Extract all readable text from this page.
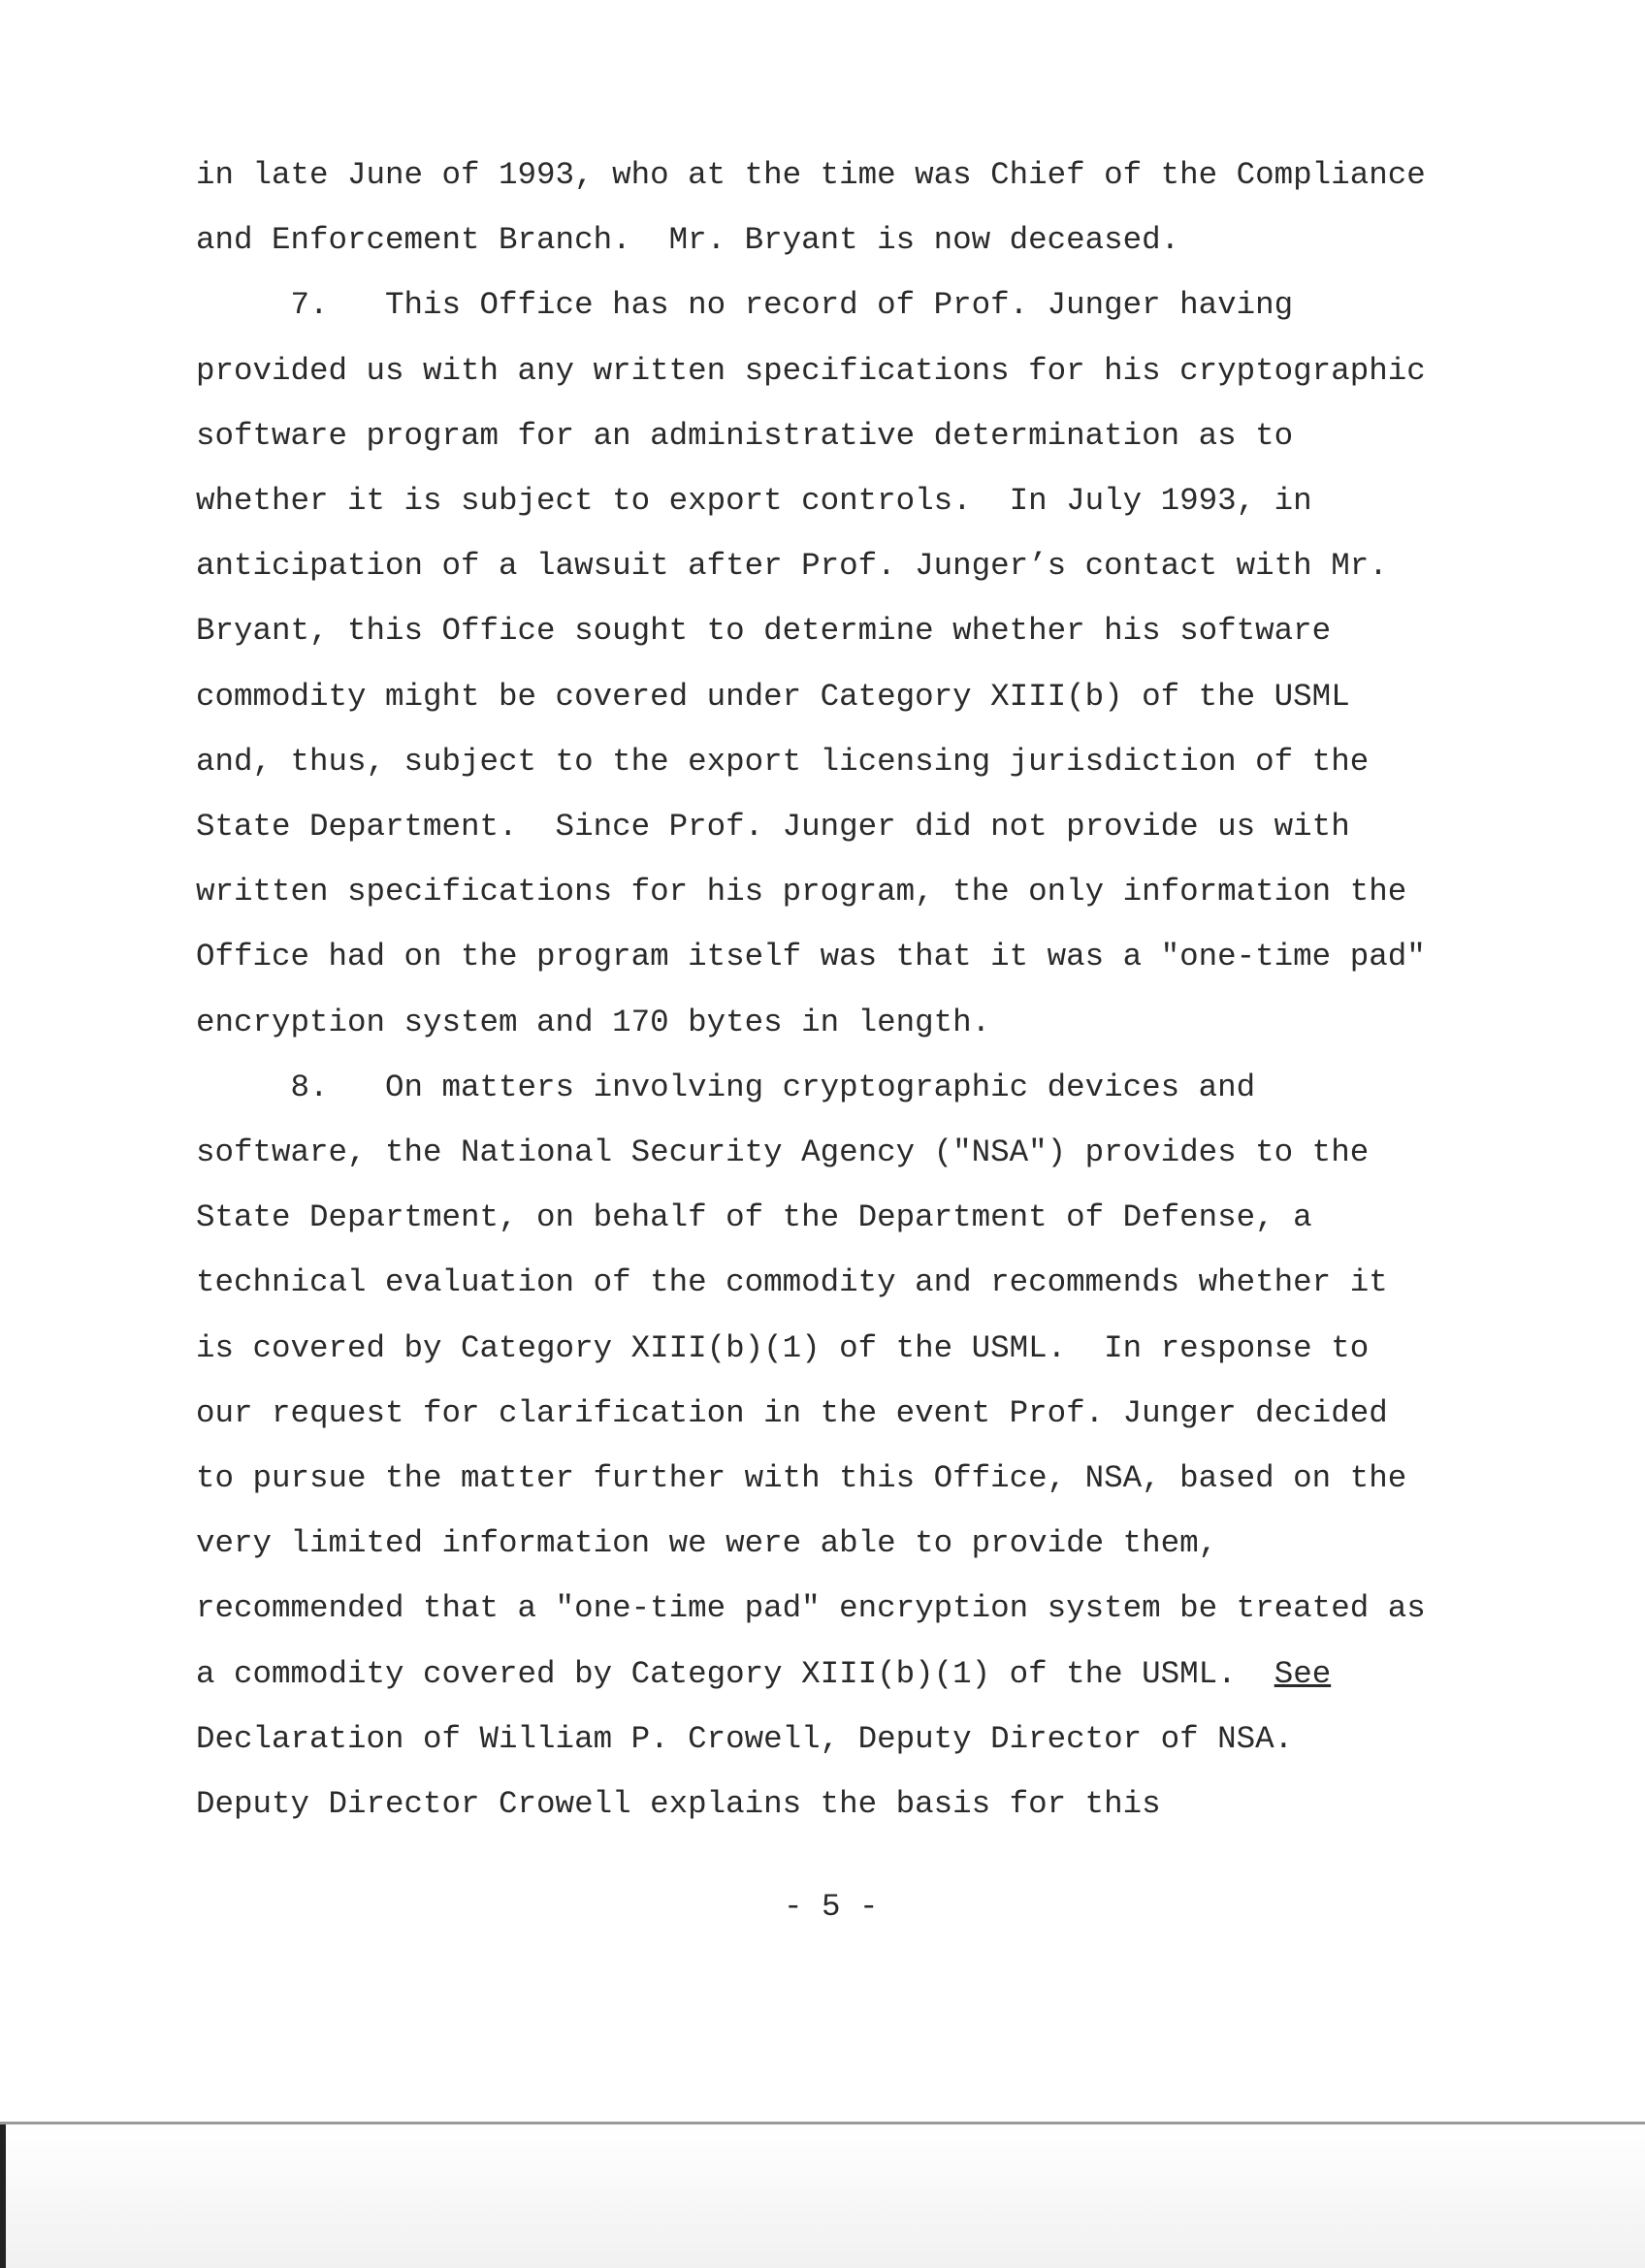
in late June of 1993, who at the time was Chief of the Compliance
and Enforcement Branch.  Mr. Bryant is now deceased.
7.   This Office has no record of Prof. Junger having
provided us with any written specifications for his cryptographic
software program for an administrative determination as to
whether it is subject to export controls.  In July 1993, in
anticipation of a lawsuit after Prof. Junger’s contact with Mr.
Bryant, this Office sought to determine whether his software
commodity might be covered under Category XIII(b) of the USML
and, thus, subject to the export licensing jurisdiction of the
State Department.  Since Prof. Junger did not provide us with
written specifications for his program, the only information the
Office had on the program itself was that it was a "one-time pad"
encryption system and 170 bytes in length.
8.   On matters involving cryptographic devices and
software, the National Security Agency ("NSA") provides to the
State Department, on behalf of the Department of Defense, a
technical evaluation of the commodity and recommends whether it
is covered by Category XIII(b)(1) of the USML.  In response to
our request for clarification in the event Prof. Junger decided
to pursue the matter further with this Office, NSA, based on the
very limited information we were able to provide them,
recommended that a "one-time pad" encryption system be treated as
a commodity covered by Category XIII(b)(1) of the USML.  See
Declaration of William P. Crowell, Deputy Director of NSA.
Deputy Director Crowell explains the basis for this
- 5 -
